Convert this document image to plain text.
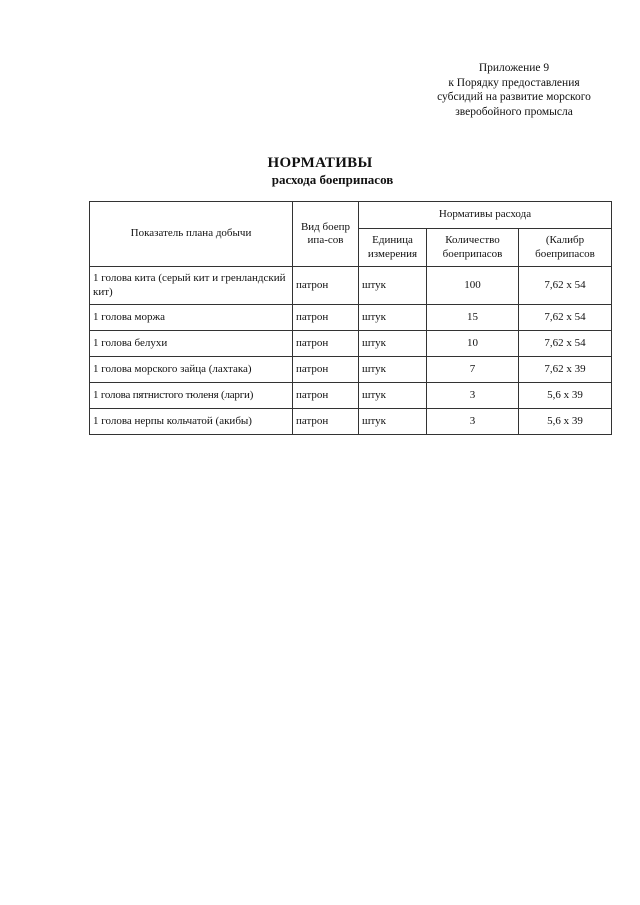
Приложение 9
к Порядку предоставления
субсидий на развитие морского
зверобойного промысла
НОРМАТИВЫ
расхода боеприпасов
Показатель плана добычи	Вид боеприпа-сов	Нормативы расхода		
		Единица измерения	Количество боеприпасов	(Калибр боеприпасов
1 голова кита (серый кит и гренландский кит)	патрон	штук	100	7,62 х 54
1 голова моржа	патрон	штук	15	7,62 х 54
1 голова белухи	патрон	штук	10	7,62 х 54
1 голова морского зайца (лахтака)	патрон	штук	7	7,62 х 39
1 голова пятнистого тюленя (ларги)	патрон	штук	3	5,6 х 39
1 голова нерпы кольчатой (акибы)	патрон	штук	3	5,6 х 39
